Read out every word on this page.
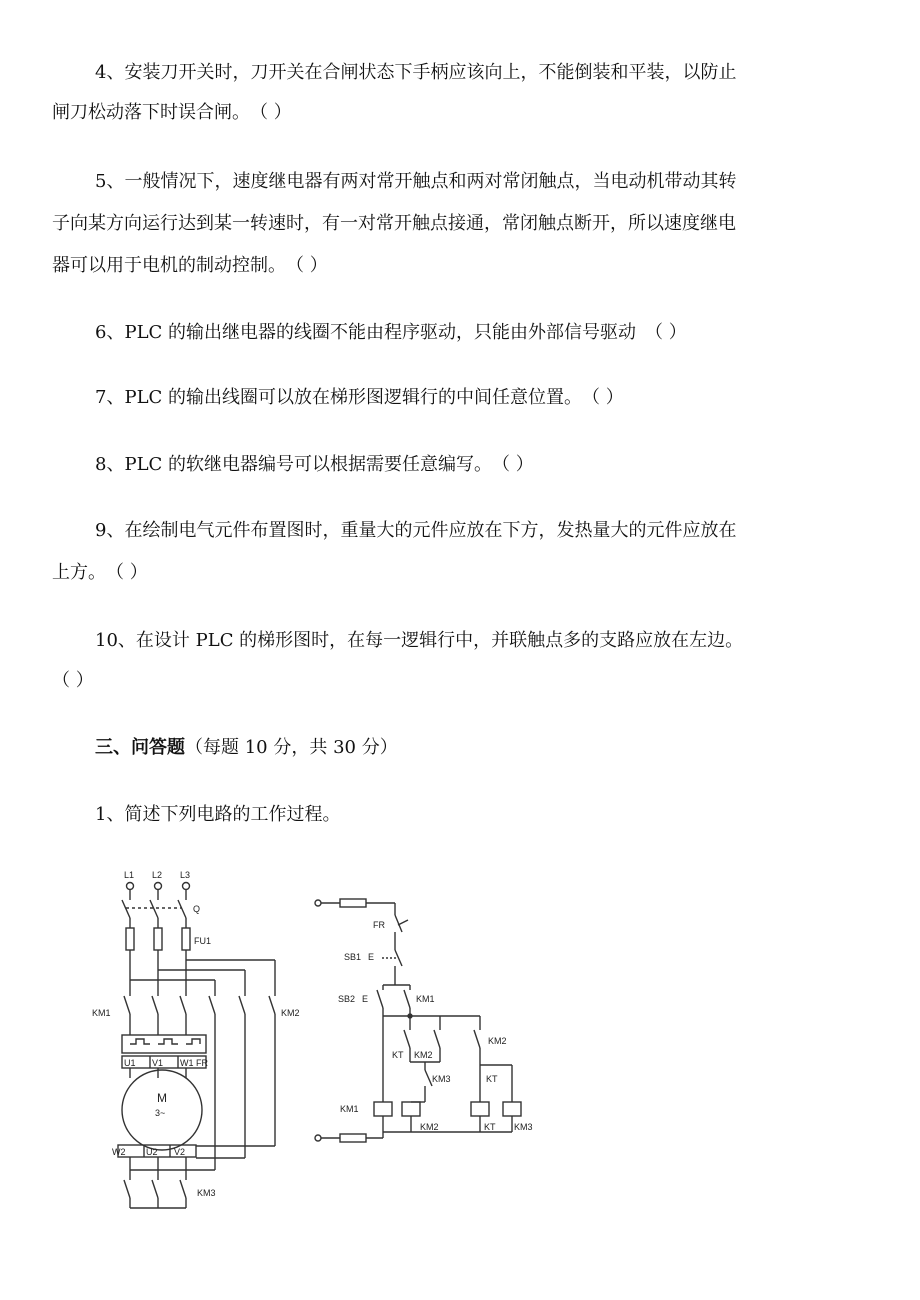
4、安装刀开关时，刀开关在合闸状态下手柄应该向上，不能倒装和平装，以防止
闸刀松动落下时误合闸。　（ ）
5、一般情况下，速度继电器有两对常开触点和两对常闭触点，当电动机带动其转
子向某方向运行达到某一转速时，有一对常开触点接通，常闭触点断开，所以速度继电
器可以用于电机的制动控制。　（ ）
6、PLC 的输出继电器的线圈不能由程序驱动，只能由外部信号驱动　（ ）
7、PLC 的输出线圈可以放在梯形图逻辑行的中间任意位置。　（ ）
8、PLC 的软继电器编号可以根据需要任意编写。　（ ）
9、在绘制电气元件布置图时，重量大的元件应放在下方，发热量大的元件应放在
上方。　（ ）
10、在设计 PLC 的梯形图时，在每一逻辑行中，并联触点多的支路应放在左边。
（ ）
三、问答题（每题 10 分，共 30 分）
1、简述下列电路的工作过程。
L1 L2 L3
Q
FU1
KM1	KM2
U1 V1 W1 FR
M
3~
W2 U2 V2
KM3
FR
SB1 E
SB2 E	KM1
KT KM2
KM3
KM2
KT
KM1
KM2	KT KM3
